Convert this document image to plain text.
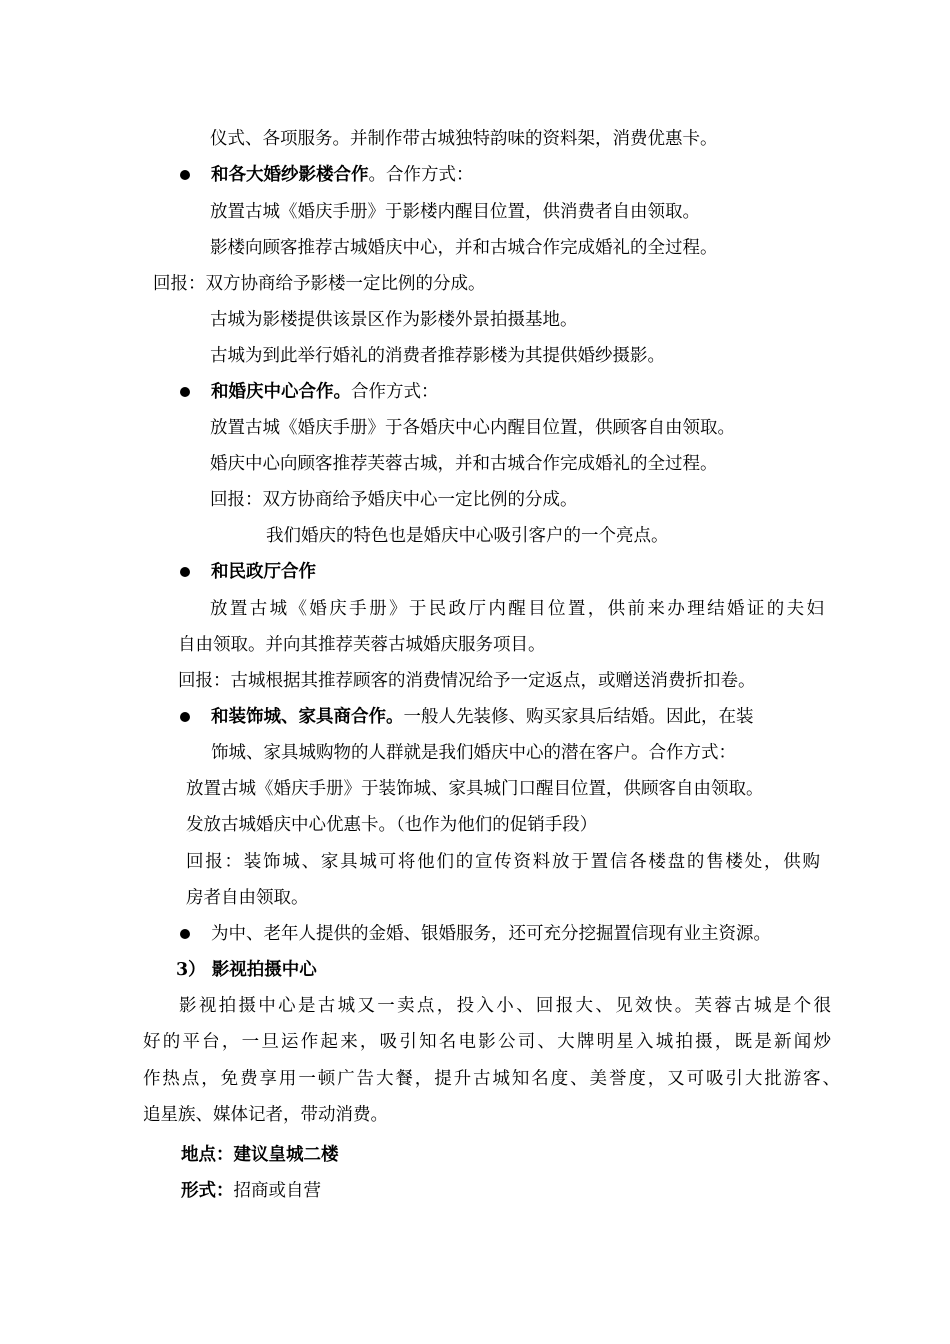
仪式、各项服务。并制作带古城独特韵味的资料架，消费优惠卡。
和各大婚纱影楼合作。合作方式：
放置古城《婚庆手册》于影楼内醒目位置，供消费者自由领取。
影楼向顾客推荐古城婚庆中心，并和古城合作完成婚礼的全过程。
回报：双方协商给予影楼一定比例的分成。
古城为影楼提供该景区作为影楼外景拍摄基地。
古城为到此举行婚礼的消费者推荐影楼为其提供婚纱摄影。
和婚庆中心合作。合作方式：
放置古城《婚庆手册》于各婚庆中心内醒目位置，供顾客自由领取。
婚庆中心向顾客推荐芙蓉古城，并和古城合作完成婚礼的全过程。
回报：双方协商给予婚庆中心一定比例的分成。
我们婚庆的特色也是婚庆中心吸引客户的一个亮点。
和民政厅合作
放置古城《婚庆手册》于民政厅内醒目位置，供前来办理结婚证的夫妇
自由领取。并向其推荐芙蓉古城婚庆服务项目。
回报：古城根据其推荐顾客的消费情况给予一定返点，或赠送消费折扣卷。
和装饰城、家具商合作。一般人先装修、购买家具后结婚。因此，在装
饰城、家具城购物的人群就是我们婚庆中心的潜在客户。合作方式：
放置古城《婚庆手册》于装饰城、家具城门口醒目位置，供顾客自由领取。
发放古城婚庆中心优惠卡。（也作为他们的促销手段）
回报：装饰城、家具城可将他们的宣传资料放于置信各楼盘的售楼处，供购
房者自由领取。
为中、老年人提供的金婚、银婚服务，还可充分挖掘置信现有业主资源。
3） 影视拍摄中心
影视拍摄中心是古城又一卖点，投入小、回报大、见效快。芙蓉古城是个很
好的平台，一旦运作起来，吸引知名电影公司、大牌明星入城拍摄，既是新闻炒
作热点，免费享用一顿广告大餐，提升古城知名度、美誉度，又可吸引大批游客、
追星族、媒体记者，带动消费。
地点：建议皇城二楼
形式：招商或自营
